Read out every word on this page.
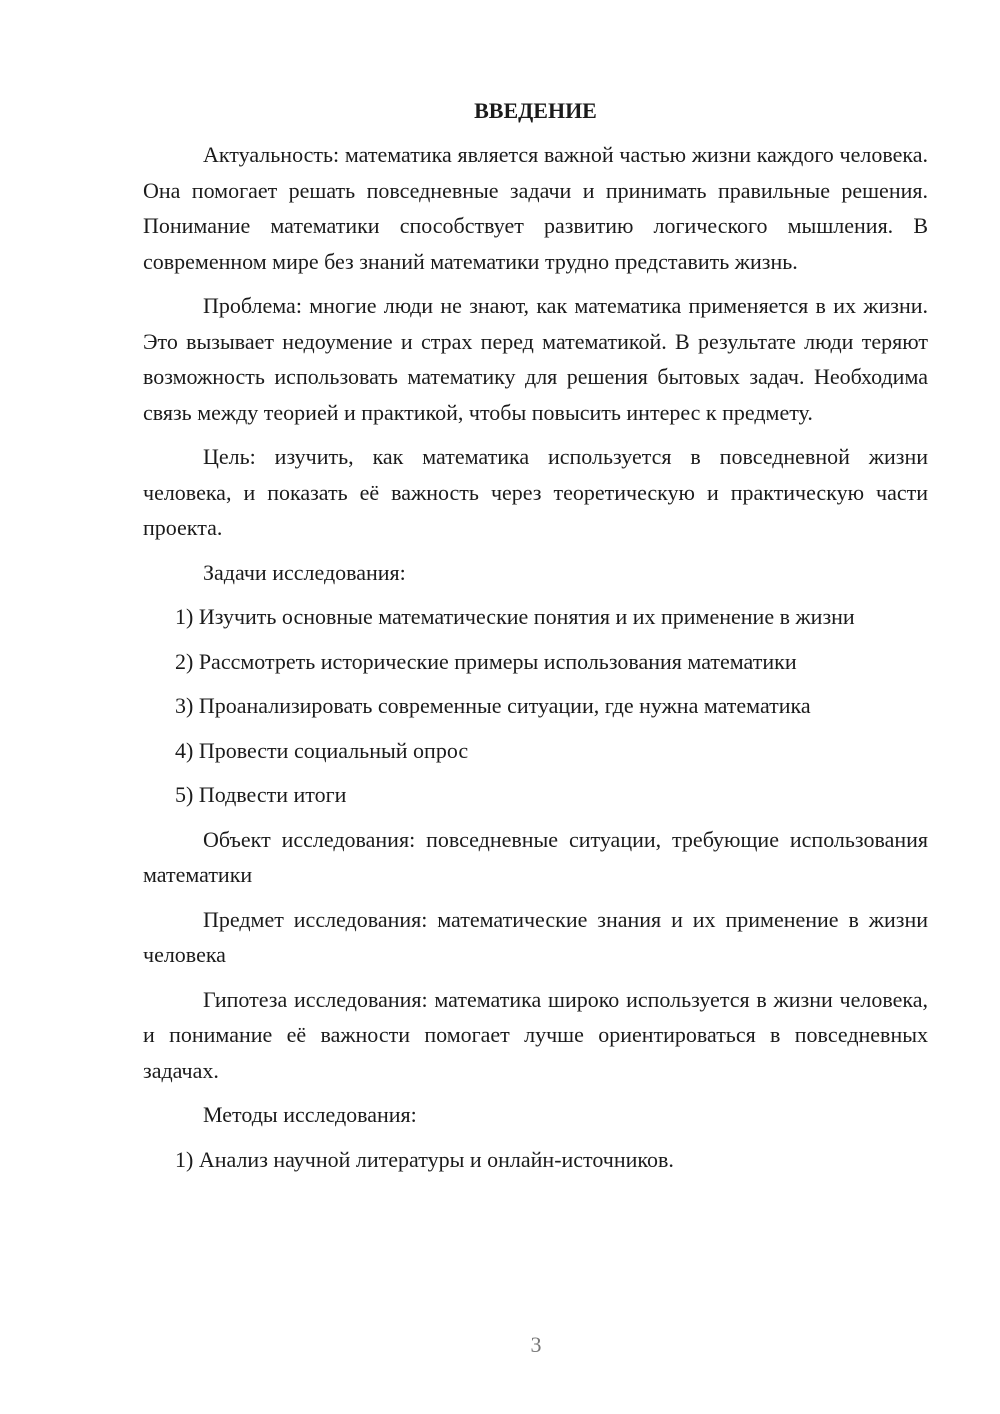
ВВЕДЕНИЕ

Актуальность: математика является важной частью жизни каждого человека. Она помогает решать повседневные задачи и принимать правильные решения. Понимание математики способствует развитию логического мышления. В современном мире без знаний математики трудно представить жизнь.

Проблема: многие люди не знают, как математика применяется в их жизни. Это вызывает недоумение и страх перед математикой. В результате люди теряют возможность использовать математику для решения бытовых задач. Необходима связь между теорией и практикой, чтобы повысить интерес к предмету.

Цель: изучить, как математика используется в повседневной жизни человека, и показать её важность через теоретическую и практическую части проекта.

Задачи исследования:

1) Изучить основные математические понятия и их применение в жизни

2) Рассмотреть исторические примеры использования математики

3) Проанализировать современные ситуации, где нужна математика

4) Провести социальный опрос

5) Подвести итоги

Объект исследования: повседневные ситуации, требующие использования математики

Предмет исследования: математические знания и их применение в жизни человека

Гипотеза исследования: математика широко используется в жизни человека, и понимание её важности помогает лучше ориентироваться в повседневных задачах.

Методы исследования:

1) Анализ научной литературы и онлайн-источников.

3
